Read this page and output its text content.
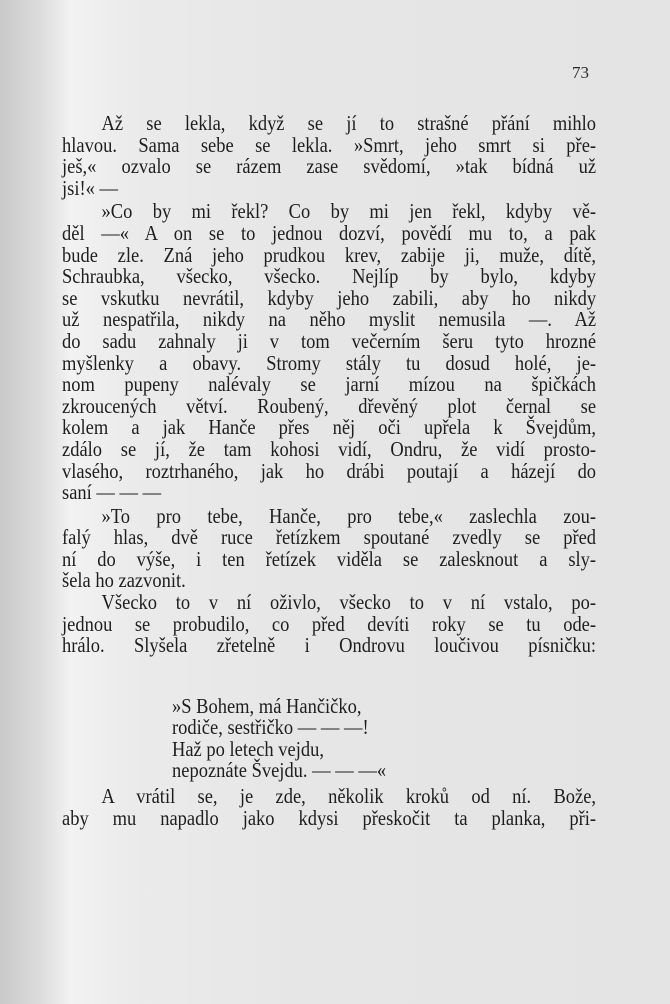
73
Až se lekla, když se jí to strašné přání mihlo
hlavou. Sama sebe se lekla. »Smrt, jeho smrt si pře-
ješ,« ozvalo se rázem zase svědomí, »tak bídná už
jsi!« —
»Co by mi řekl? Co by mi jen řekl, kdyby vě-
děl —« A on se to jednou dozví, povědí mu to, a pak
bude zle. Zná jeho prudkou krev, zabije ji, muže, dítě,
Schraubka, všecko, všecko. Nejlíp by bylo, kdyby
se vskutku nevrátil, kdyby jeho zabili, aby ho nikdy
už nespatřila, nikdy na něho myslit nemusila —. Až
do sadu zahnaly ji v tom večerním šeru tyto hrozné
myšlenky a obavy. Stromy stály tu dosud holé, je-
nom pupeny nalévaly se jarní mízou na špičkách
zkroucených větví. Roubený, dřevěný plot černal se
kolem a jak Hanče přes něj oči upřela k Švejdům,
zdálo se jí, že tam kohosi vidí, Ondru, že vidí prosto-
vlasého, roztrhaného, jak ho drábi poutají a házejí do
saní — — —
»To pro tebe, Hanče, pro tebe,« zaslechla zou-
falý hlas, dvě ruce řetízkem spoutané zvedly se před
ní do výše, i ten řetízek viděla se zalesknout a sly-
šela ho zazvonit.
Všecko to v ní oživlo, všecko to v ní vstalo, po-
jednou se probudilo, co před devíti roky se tu ode-
hrálo. Slyšela zřetelně i Ondrovu loučivou písničku:
»S Bohem, má Hančičko,
rodiče, sestřičko — — —!
Haž po letech vejdu,
nepoznáte Švejdu. — — —«
A vrátil se, je zde, několik kroků od ní. Bože,
aby mu napadlo jako kdysi přeskočit ta planka, při-
